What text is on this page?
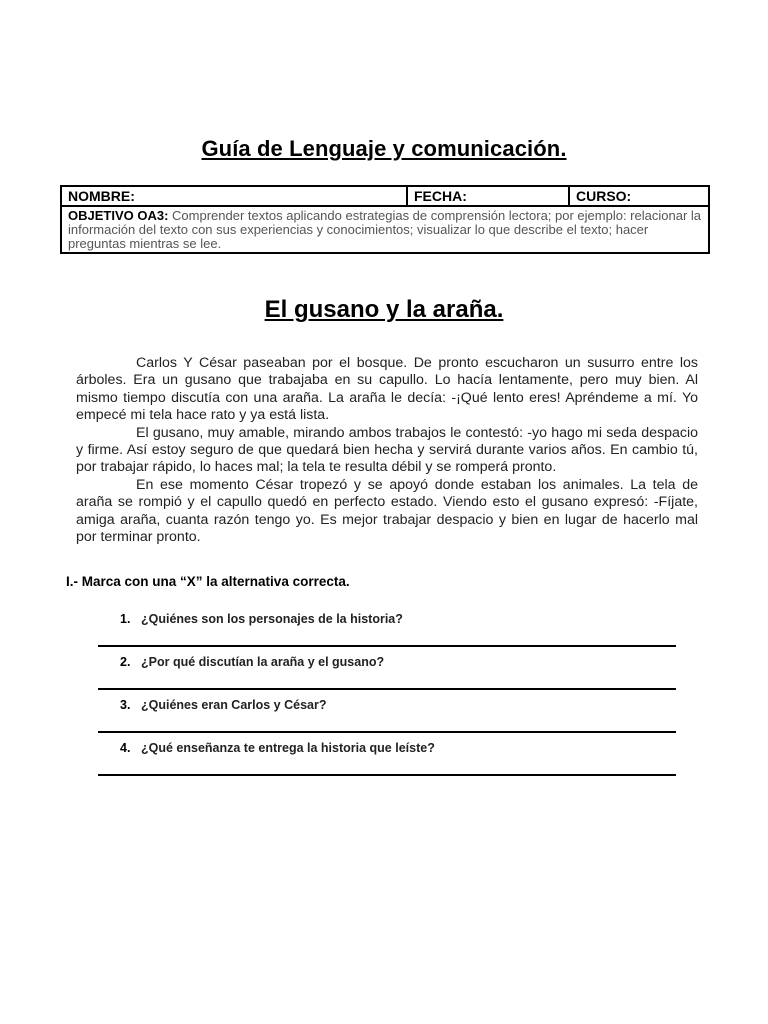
Guía de Lenguaje y comunicación.
NOMBRE:	FECHA:	CURSO:
OBJETIVO OA3: Comprender textos aplicando estrategias de comprensión lectora; por ejemplo: relacionar la información del texto con sus experiencias y conocimientos; visualizar lo que describe el texto; hacer preguntas mientras se lee.
El gusano y la araña.

Carlos Y César paseaban por el bosque. De pronto escucharon un susurro entre los árboles. Era un gusano que trabajaba en su capullo. Lo hacía lentamente, pero muy bien. Al mismo tiempo discutía con una araña. La araña le decía: -¡Qué lento eres! Apréndeme a mí. Yo empecé mi tela hace rato y ya está lista.

El gusano, muy amable, mirando ambos trabajos le contestó: -yo hago mi seda despacio y firme. Así estoy seguro de que quedará bien hecha y servirá durante varios años. En cambio tú, por trabajar rápido, lo haces mal; la tela te resulta débil y se romperá pronto.

En ese momento César tropezó y se apoyó donde estaban los animales. La tela de araña se rompió y el capullo quedó en perfecto estado. Viendo esto el gusano expresó: -Fíjate, amiga araña, cuanta razón tengo yo. Es mejor trabajar despacio y bien en lugar de hacerlo mal por terminar pronto.

I.- Marca con una “X” la alternativa correcta.
1. ¿Quiénes son los personajes de la historia?
2. ¿Por qué discutían la araña y el gusano?
3. ¿Quiénes eran Carlos y César?
4. ¿Qué enseñanza te entrega la historia que leíste?
